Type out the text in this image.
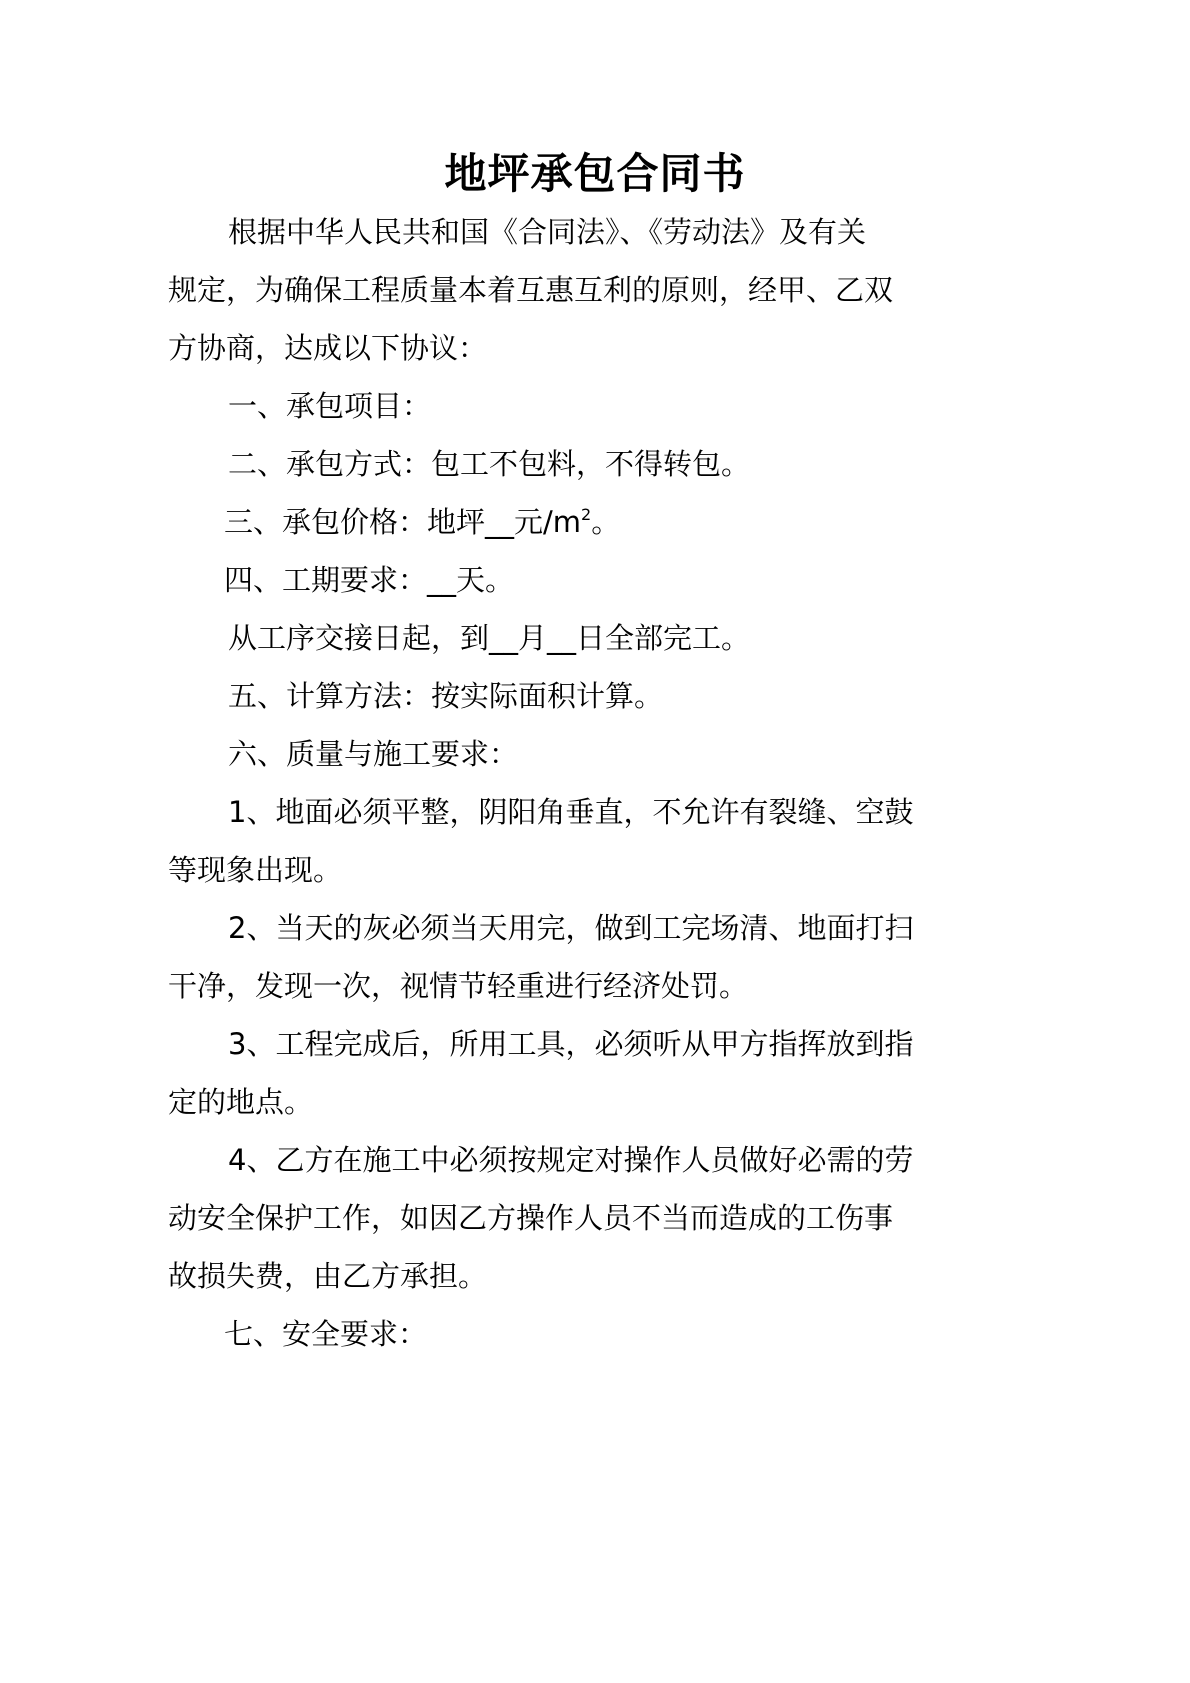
地坪承包合同书
根据中华人民共和国《合同法》、《劳动法》及有关
规定，为确保工程质量本着互惠互利的原则，经甲、乙双
方协商，达成以下协议：
一、承包项目：
二、承包方式：包工不包料，不得转包。
三、承包价格：地坪__元$/m^2$。
四、工期要求：__天。
从工序交接日起，到__月__日全部完工。
五、计算方法：按实际面积计算。
六、质量与施工要求：
1、地面必须平整，阴阳角垂直，不允许有裂缝、空鼓
等现象出现。
2、当天的灰必须当天用完，做到工完场清、地面打扫
干净，发现一次，视情节轻重进行经济处罚。
3、工程完成后，所用工具，必须听从甲方指挥放到指
定的地点。
4、乙方在施工中必须按规定对操作人员做好必需的劳
动安全保护工作，如因乙方操作人员不当而造成的工伤事
故损失费，由乙方承担。
七、安全要求：
